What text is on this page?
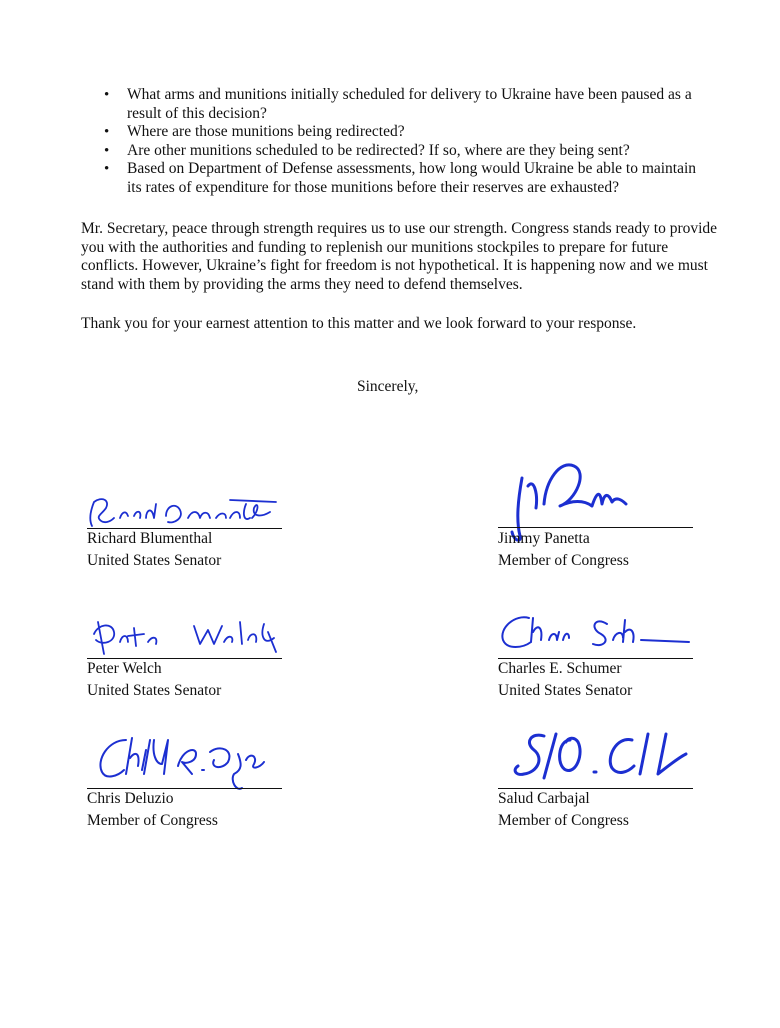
• What arms and munitions initially scheduled for delivery to Ukraine have been paused as a result of this decision?
• Where are those munitions being redirected?
• Are other munitions scheduled to be redirected? If so, where are they being sent?
• Based on Department of Defense assessments, how long would Ukraine be able to maintain its rates of expenditure for those munitions before their reserves are exhausted?

Mr. Secretary, peace through strength requires us to use our strength. Congress stands ready to provide you with the authorities and funding to replenish our munitions stockpiles to prepare for future conflicts. However, Ukraine’s fight for freedom is not hypothetical. It is happening now and we must stand with them by providing the arms they need to defend themselves.

Thank you for your earnest attention to this matter and we look forward to your response.

Sincerely,
Richard Blumenthal
United States Senator
Jimmy Panetta
Member of Congress
Peter Welch
United States Senator
Charles E. Schumer
United States Senator
Chris Deluzio
Member of Congress
Salud Carbajal
Member of Congress
